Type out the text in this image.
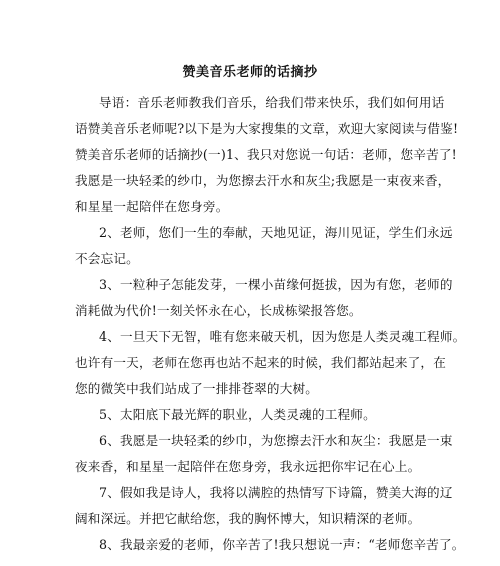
赞美音乐老师的话摘抄
导语：音乐老师教我们音乐，给我们带来快乐，我们如何用话
语赞美音乐老师呢?以下是为大家搜集的文章，欢迎大家阅读与借鉴!
赞美音乐老师的话摘抄(一)1、我只对您说一句话：老师，您辛苦了!
我愿是一块轻柔的纱巾，为您擦去汗水和灰尘;我愿是一束夜来香，
和星星一起陪伴在您身旁。
2、老师，您们一生的奉献，天地见证，海川见证，学生们永远
不会忘记。
3、一粒种子怎能发芽，一棵小苗缘何挺拔，因为有您，老师的
消耗做为代价!一刻关怀永在心，长成栋梁报答您。
4、一旦天下无智，唯有您来破天机，因为您是人类灵魂工程师。
也许有一天，老师在您再也站不起来的时候，我们都站起来了，在
您的微笑中我们站成了一排排苍翠的大树。
5、太阳底下最光辉的职业，人类灵魂的工程师。
6、我愿是一块轻柔的纱巾，为您擦去汗水和灰尘：我愿是一束
夜来香，和星星一起陪伴在您身旁，我永远把你牢记在心上。
7、假如我是诗人，我将以满腔的热情写下诗篇，赞美大海的辽
阔和深远。并把它献给您，我的胸怀博大，知识精深的老师。
8、我最亲爱的老师，你辛苦了!我只想说一声：“老师您辛苦了。
